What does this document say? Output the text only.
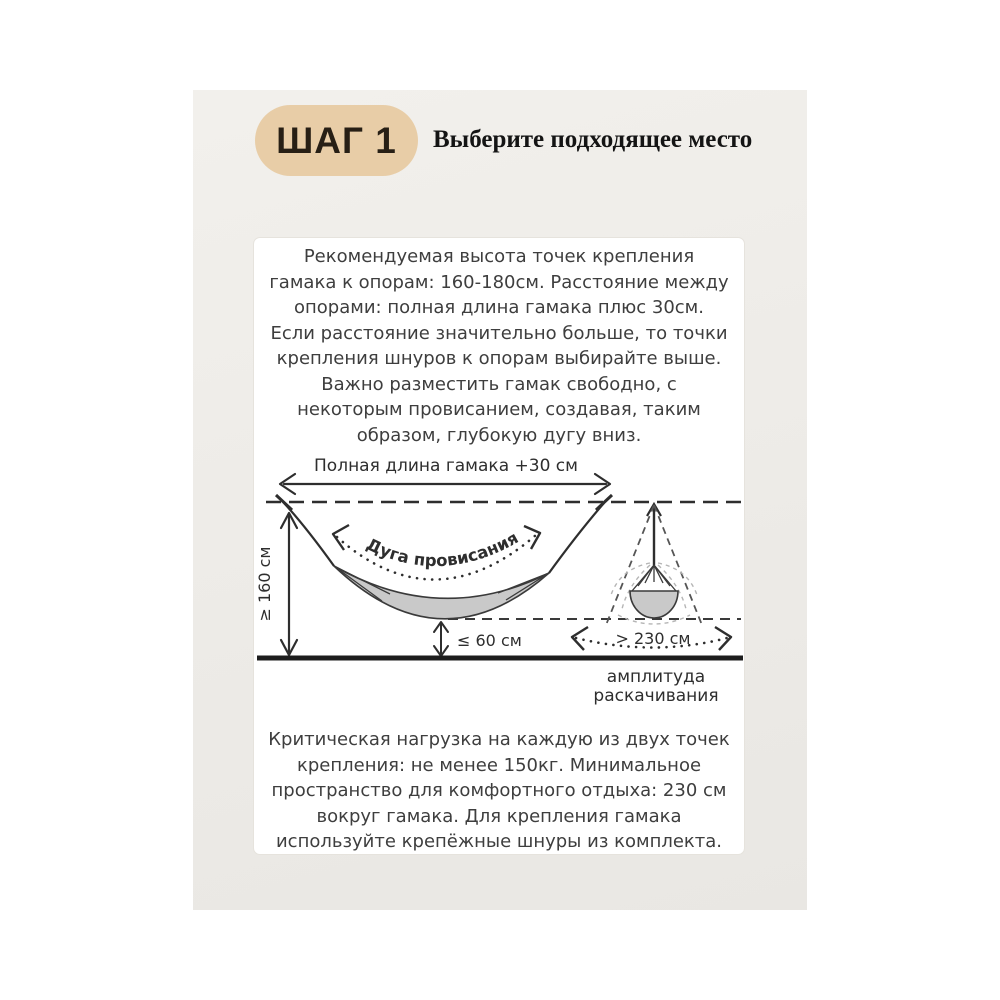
ШАГ 1 Выберите подходящее место
Рекомендуемая высота точек крепления
гамака к опорам: 160-180см. Расстояние между
опорами: полная длина гамака плюс 30см.
Если расстояние значительно больше, то точки
крепления шнуров к опорам выбирайте выше.
Важно разместить гамак свободно, с
некоторым провисанием, создавая, таким
образом, глубокую дугу вниз.
Полная длина гамака +30 см
≥ 160 см
Дуга провисания
≤ 60 см	> 230 см
амплитуда
раскачивания
Критическая нагрузка на каждую из двух точек
крепления: не менее 150кг. Минимальное
пространство для комфортного отдыха: 230 см
вокруг гамака. Для крепления гамака
используйте крепёжные шнуры из комплекта.
